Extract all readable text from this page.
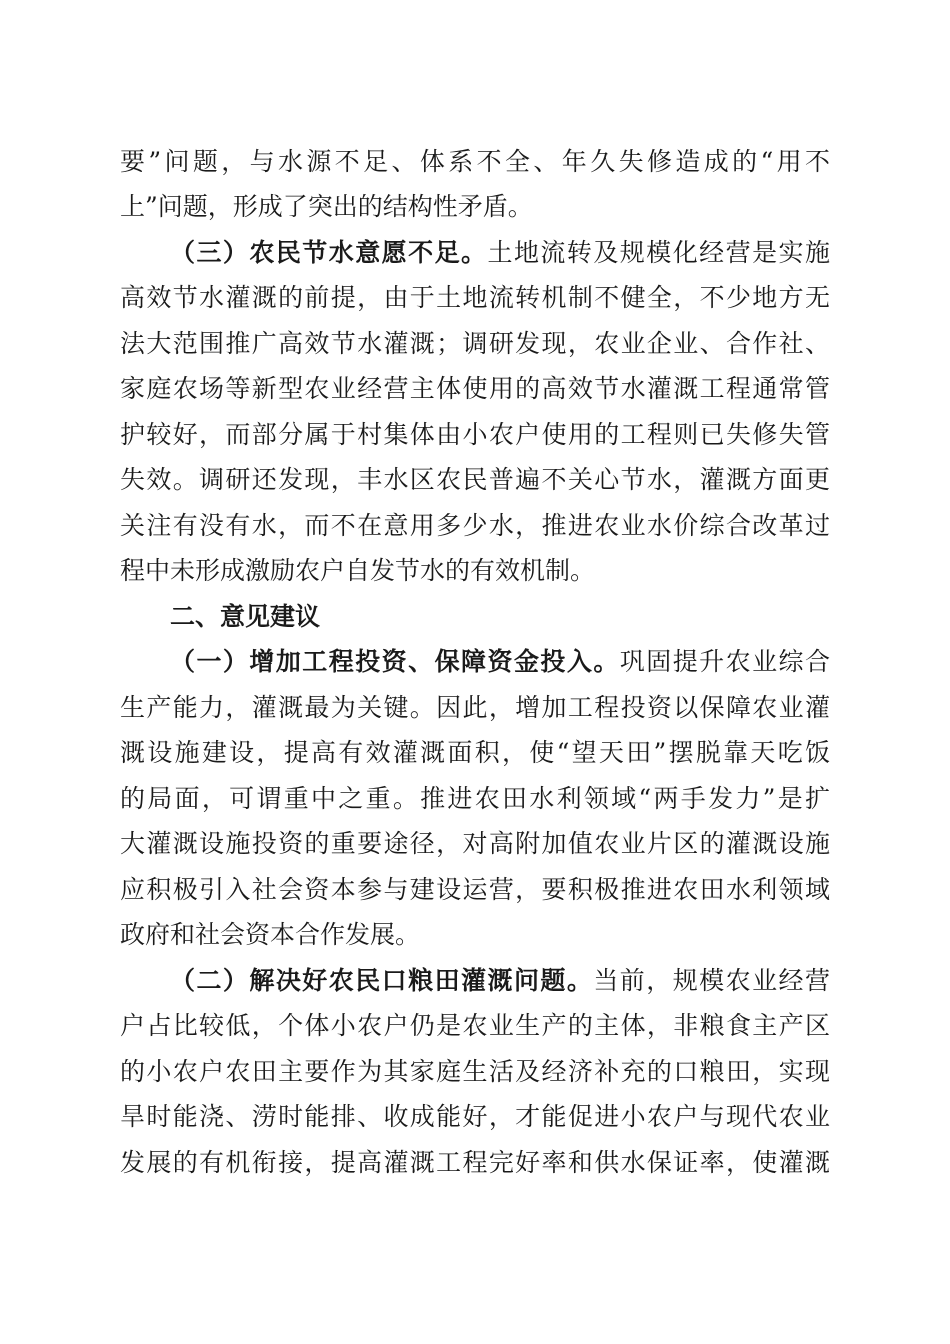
要”问题，与水源不足、体系不全、年久失修造成的“用不
上”问题，形成了突出的结构性矛盾。
（三）农民节水意愿不足。土地流转及规模化经营是实施
高效节水灌溉的前提，由于土地流转机制不健全，不少地方无
法大范围推广高效节水灌溉；调研发现，农业企业、合作社、
家庭农场等新型农业经营主体使用的高效节水灌溉工程通常管
护较好，而部分属于村集体由小农户使用的工程则已失修失管
失效。调研还发现，丰水区农民普遍不关心节水，灌溉方面更
关注有没有水，而不在意用多少水，推进农业水价综合改革过
程中未形成激励农户自发节水的有效机制。
二、意见建议
（一）增加工程投资、保障资金投入。巩固提升农业综合
生产能力，灌溉最为关键。因此，增加工程投资以保障农业灌
溉设施建设，提高有效灌溉面积，使“望天田”摆脱靠天吃饭
的局面，可谓重中之重。推进农田水利领域“两手发力”是扩
大灌溉设施投资的重要途径，对高附加值农业片区的灌溉设施
应积极引入社会资本参与建设运营，要积极推进农田水利领域
政府和社会资本合作发展。
（二）解决好农民口粮田灌溉问题。当前，规模农业经营
户占比较低，个体小农户仍是农业生产的主体，非粮食主产区
的小农户农田主要作为其家庭生活及经济补充的口粮田，实现
旱时能浇、涝时能排、收成能好，才能促进小农户与现代农业
发展的有机衔接，提高灌溉工程完好率和供水保证率，使灌溉
